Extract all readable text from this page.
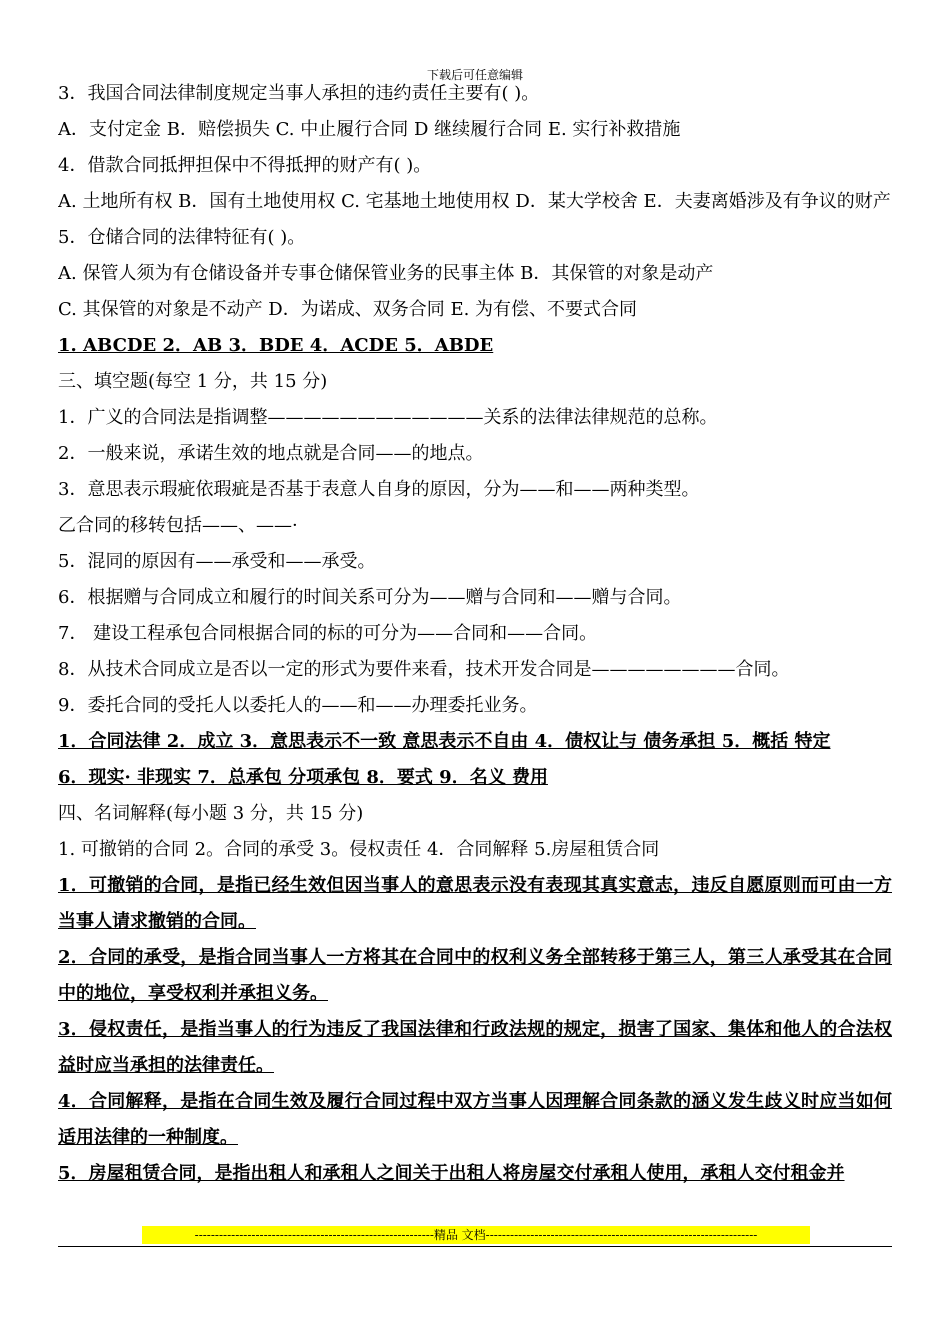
下载后可任意编辑
3．我国合同法律制度规定当事人承担的违约责任主要有( )。
A．支付定金 B．赔偿损失 C. 中止履行合同 D 继续履行合同 E. 实行补救措施
4．借款合同抵押担保中不得抵押的财产有( )。
A. 土地所有权 B．国有土地使用权 C. 宅基地土地使用权 D．某大学校舍 E．夫妻离婚涉及有争议的财产
5．仓储合同的法律特征有( )。
A. 保管人须为有仓储设备并专事仓储保管业务的民事主体 B．其保管的对象是动产
C. 其保管的对象是不动产 D．为诺成、双务合同 E. 为有偿、不要式合同
1. ABCDE 2．AB 3．BDE 4．ACDE 5．ABDE
三、填空题(每空 1 分，共 15 分)
1．广义的合同法是指调整————————————关系的法律法律规范的总称。
2．一般来说，承诺生效的地点就是合同——的地点。
3．意思表示瑕疵依瑕疵是否基于表意人自身的原因，分为——和——两种类型。
乙合同的移转包括——、——·
5．混同的原因有——承受和——承受。
6．根据赠与合同成立和履行的时间关系可分为——赠与合同和——赠与合同。
7． 建设工程承包合同根据合同的标的可分为——合同和——合同。
8．从技术合同成立是否以一定的形式为要件来看，技术开发合同是————————合同。
9．委托合同的受托人以委托人的——和——办理委托业务。
1．合同法律 2．成立 3．意思表示不一致 意思表示不自由 4．债权让与 债务承担 5．概括 特定
6．现实· 非现实 7．总承包 分项承包 8．要式 9．名义 费用
四、名词解释(每小题 3 分，共 15 分)
1. 可撤销的合同 2。合同的承受 3。侵权责任 4．合同解释 5.房屋租赁合同
1．可撤销的合同，是指已经生效但因当事人的意思表示没有表现其真实意志，违反自愿原则而可由一方当事人请求撤销的合同。
2．合同的承受，是指合同当事人一方将其在合同中的权利义务全部转移于第三人，第三人承受其在合同中的地位，享受权利并承担义务。
3．侵权责任，是指当事人的行为违反了我国法律和行政法规的规定，损害了国家、集体和他人的合法权益时应当承担的法律责任。
4．合同解释，是指在合同生效及履行合同过程中双方当事人因理解合同条款的涵义发生歧义时应当如何适用法律的一种制度。
5．房屋租赁合同，是指出租人和承租人之间关于出租人将房屋交付承租人使用，承租人交付租金并
-----------------------------------------------------------精品 文档-------------------------------------------------------------------
